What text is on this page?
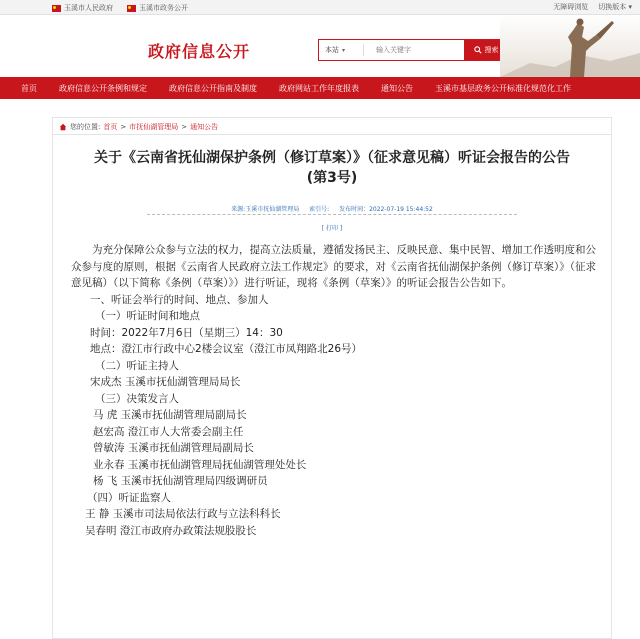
玉溪市人民政府	玉溪市政务公开	无障碍浏览 切换版本 ▾
政府信息公开	本站 ▾
输入关键字	搜索
首页	政府信息公开条例和规定	政府信息公开指南及制度	政府网站工作年度报表	通知公告	玉溪市基层政务公开标准化规范化工作
您的位置: 首页 > 市抚仙湖管理局 > 通知公告
关于《云南省抚仙湖保护条例（修订草案）》（征求意见稿）听证会报告的公告
(第3号)
来源:玉溪市抚仙湖管理局 索引号: 发布时间：2022-07-19 15:44:52
[ 打印 ]

为充分保障公众参与立法的权力，提高立法质量，遵循发扬民主、反映民意、集中民智、增加工作透明度和公众参与度的原则，根据《云南省人民政府立法工作规定》的要求，对《云南省抚仙湖保护条例（修订草案）》（征求意见稿）（以下简称《条例（草案）》）进行听证，现将《条例（草案）》的听证会报告公告如下。

一、听证会举行的时间、地点、参加人

（一）听证时间和地点

时间：2022年7月6日（星期三）14：30

地点：澄江市行政中心2楼会议室（澄江市凤翔路北26号）

（二）听证主持人

宋成杰 玉溪市抚仙湖管理局局长

（三）决策发言人

马 虎 玉溪市抚仙湖管理局副局长

赵宏高 澄江市人大常委会副主任

曾敏涛 玉溪市抚仙湖管理局副局长

业永春 玉溪市抚仙湖管理局抚仙湖管理处处长

杨 飞 玉溪市抚仙湖管理局四级调研员

（四）听证监察人

王 静 玉溪市司法局依法行政与立法科科长

吴春明 澄江市政府办政策法规股股长
